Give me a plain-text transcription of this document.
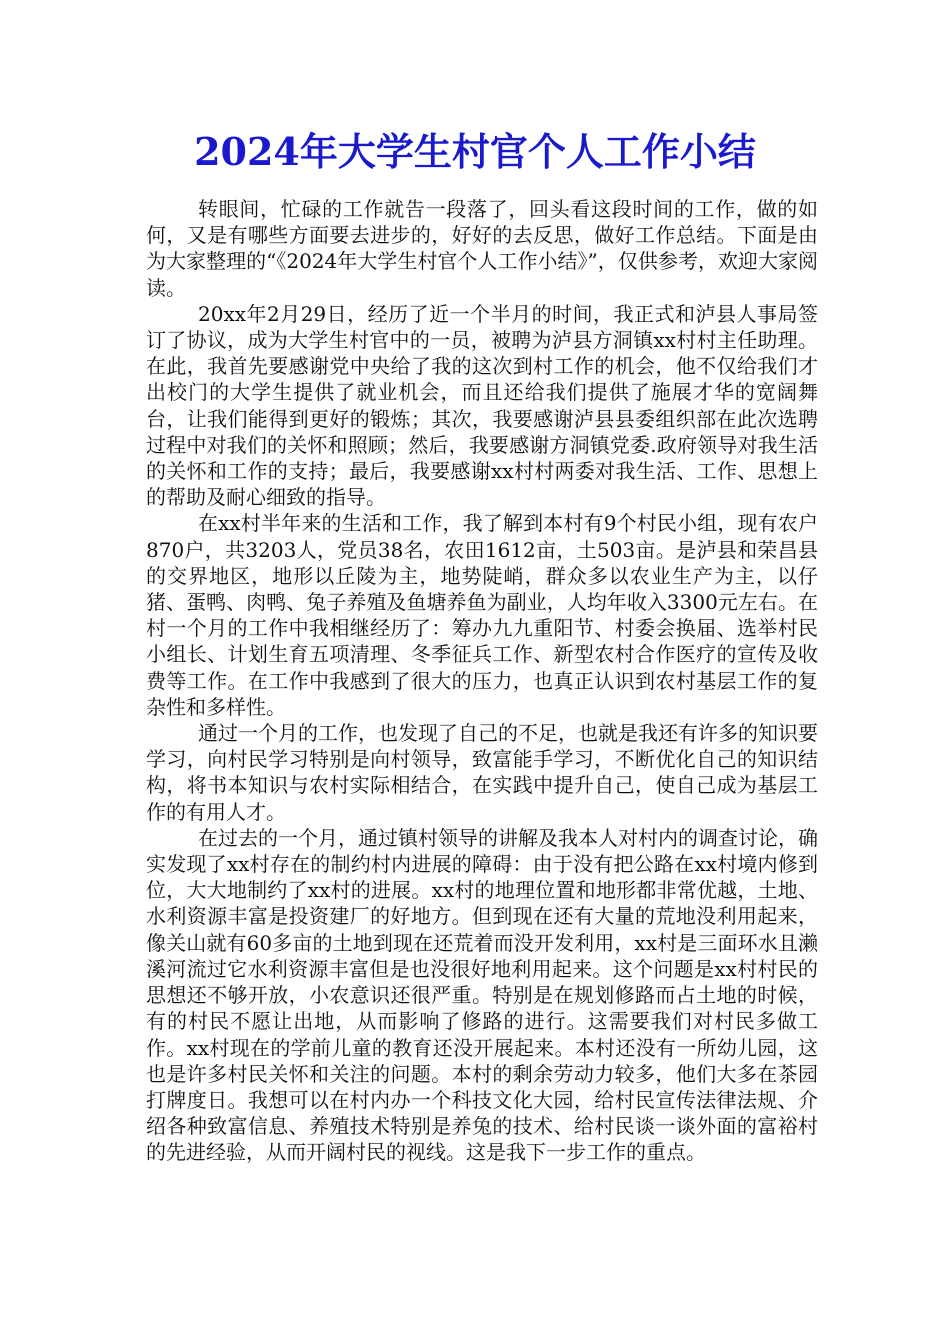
2024年大学生村官个人工作小结

转眼间，忙碌的工作就告一段落了，回头看这段时间的工作，做的如何，又是有哪些方面要去进步的，好好的去反思，做好工作总结。下面是由为大家整理的“《2024年大学生村官个人工作小结》”，仅供参考，欢迎大家阅读。

20xx年2月29日，经历了近一个半月的时间，我正式和泸县人事局签订了协议，成为大学生村官中的一员，被聘为泸县方洞镇xx村村主任助理。在此，我首先要感谢党中央给了我的这次到村工作的机会，他不仅给我们才出校门的大学生提供了就业机会，而且还给我们提供了施展才华的宽阔舞台，让我们能得到更好的锻炼；其次，我要感谢泸县县委组织部在此次选聘过程中对我们的关怀和照顾；然后，我要感谢方洞镇党委.政府领导对我生活的关怀和工作的支持；最后，我要感谢xx村村两委对我生活、工作、思想上的帮助及耐心细致的指导。

在xx村半年来的生活和工作，我了解到本村有9个村民小组，现有农户870户，共3203人，党员38名，农田1612亩，土503亩。是泸县和荣昌县的交界地区，地形以丘陵为主，地势陡峭，群众多以农业生产为主，以仔猪、蛋鸭、肉鸭、兔子养殖及鱼塘养鱼为副业，人均年收入3300元左右。在村一个月的工作中我相继经历了：筹办九九重阳节、村委会换届、选举村民小组长、计划生育五项清理、冬季征兵工作、新型农村合作医疗的宣传及收费等工作。在工作中我感到了很大的压力，也真正认识到农村基层工作的复杂性和多样性。

通过一个月的工作，也发现了自己的不足，也就是我还有许多的知识要学习，向村民学习特别是向村领导，致富能手学习，不断优化自己的知识结构，将书本知识与农村实际相结合，在实践中提升自己，使自己成为基层工作的有用人才。

在过去的一个月，通过镇村领导的讲解及我本人对村内的调查讨论，确实发现了xx村存在的制约村内进展的障碍：由于没有把公路在xx村境内修到位，大大地制约了xx村的进展。xx村的地理位置和地形都非常优越，土地、水利资源丰富是投资建厂的好地方。但到现在还有大量的荒地没利用起来，像关山就有60多亩的土地到现在还荒着而没开发利用，xx村是三面环水且濑溪河流过它水利资源丰富但是也没很好地利用起来。这个问题是xx村村民的思想还不够开放，小农意识还很严重。特别是在规划修路而占土地的时候，有的村民不愿让出地，从而影响了修路的进行。这需要我们对村民多做工作。xx村现在的学前儿童的教育还没开展起来。本村还没有一所幼儿园，这也是许多村民关怀和关注的问题。本村的剩余劳动力较多，他们大多在茶园打牌度日。我想可以在村内办一个科技文化大园，给村民宣传法律法规、介绍各种致富信息、养殖技术特别是养兔的技术、给村民谈一谈外面的富裕村的先进经验，从而开阔村民的视线。这是我下一步工作的重点。
